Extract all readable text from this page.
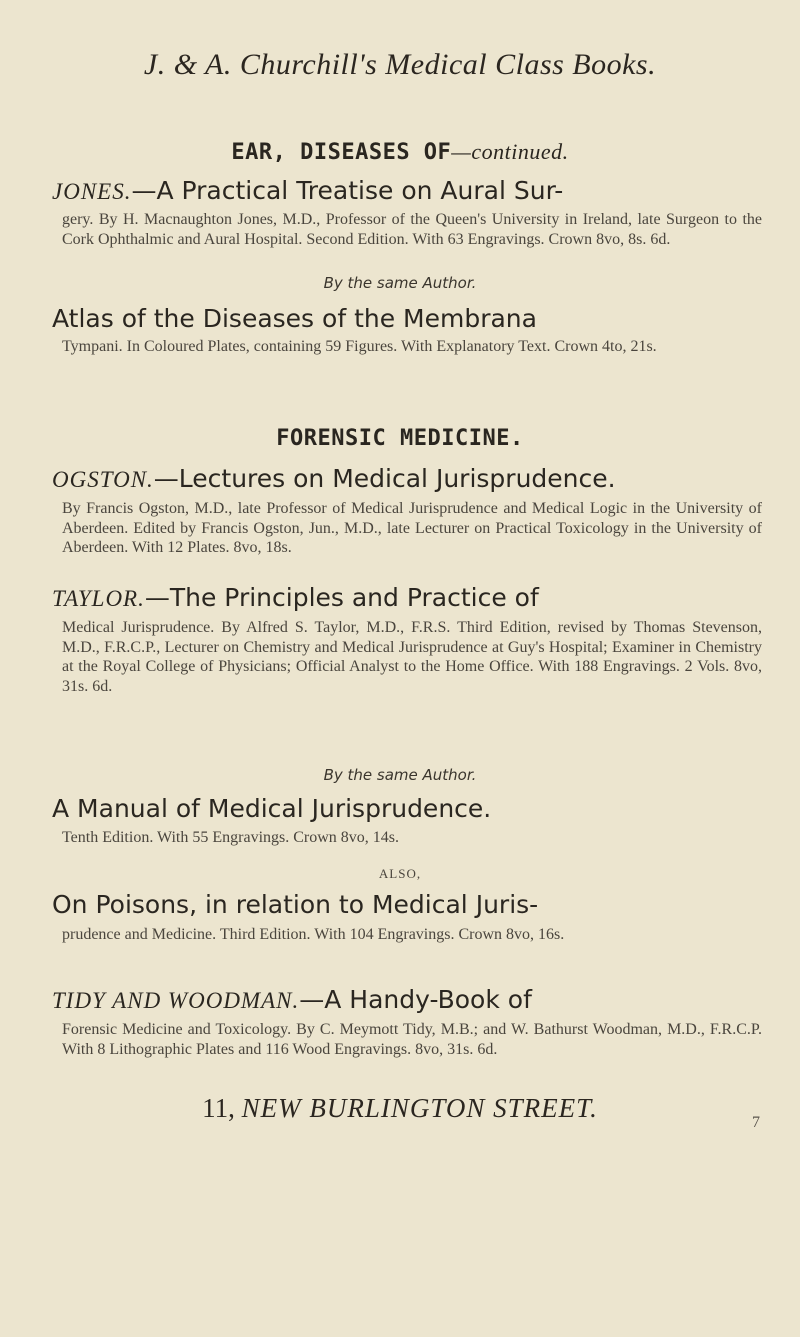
J. & A. Churchill's Medical Class Books.
EAR, DISEASES OF—continued.
JONES.—A Practical Treatise on Aural Sur-
gery. By H. Macnaughton Jones, M.D., Professor of the Queen's University in Ireland, late Surgeon to the Cork Ophthalmic and Aural Hospital. Second Edition. With 63 Engravings. Crown 8vo, 8s. 6d.
By the same Author.
Atlas of the Diseases of the Membrana
Tympani. In Coloured Plates, containing 59 Figures. With Explanatory Text. Crown 4to, 21s.
FORENSIC MEDICINE.
OGSTON.—Lectures on Medical Jurisprudence.
By Francis Ogston, M.D., late Professor of Medical Jurisprudence and Medical Logic in the University of Aberdeen. Edited by Francis Ogston, Jun., M.D., late Lecturer on Practical Toxicology in the University of Aberdeen. With 12 Plates. 8vo, 18s.
TAYLOR.—The Principles and Practice of
Medical Jurisprudence. By Alfred S. Taylor, M.D., F.R.S. Third Edition, revised by Thomas Stevenson, M.D., F.R.C.P., Lecturer on Chemistry and Medical Jurisprudence at Guy's Hospital; Examiner in Chemistry at the Royal College of Physicians; Official Analyst to the Home Office. With 188 Engravings. 2 Vols. 8vo, 31s. 6d.
By the same Author.
A Manual of Medical Jurisprudence.
Tenth Edition. With 55 Engravings. Crown 8vo, 14s.
ALSO,
On Poisons, in relation to Medical Juris-
prudence and Medicine. Third Edition. With 104 Engravings. Crown 8vo, 16s.
TIDY AND WOODMAN.—A Handy-Book of
Forensic Medicine and Toxicology. By C. Meymott Tidy, M.B.; and W. Bathurst Woodman, M.D., F.R.C.P. With 8 Lithographic Plates and 116 Wood Engravings. 8vo, 31s. 6d.
11, NEW BURLINGTON STREET.	7
